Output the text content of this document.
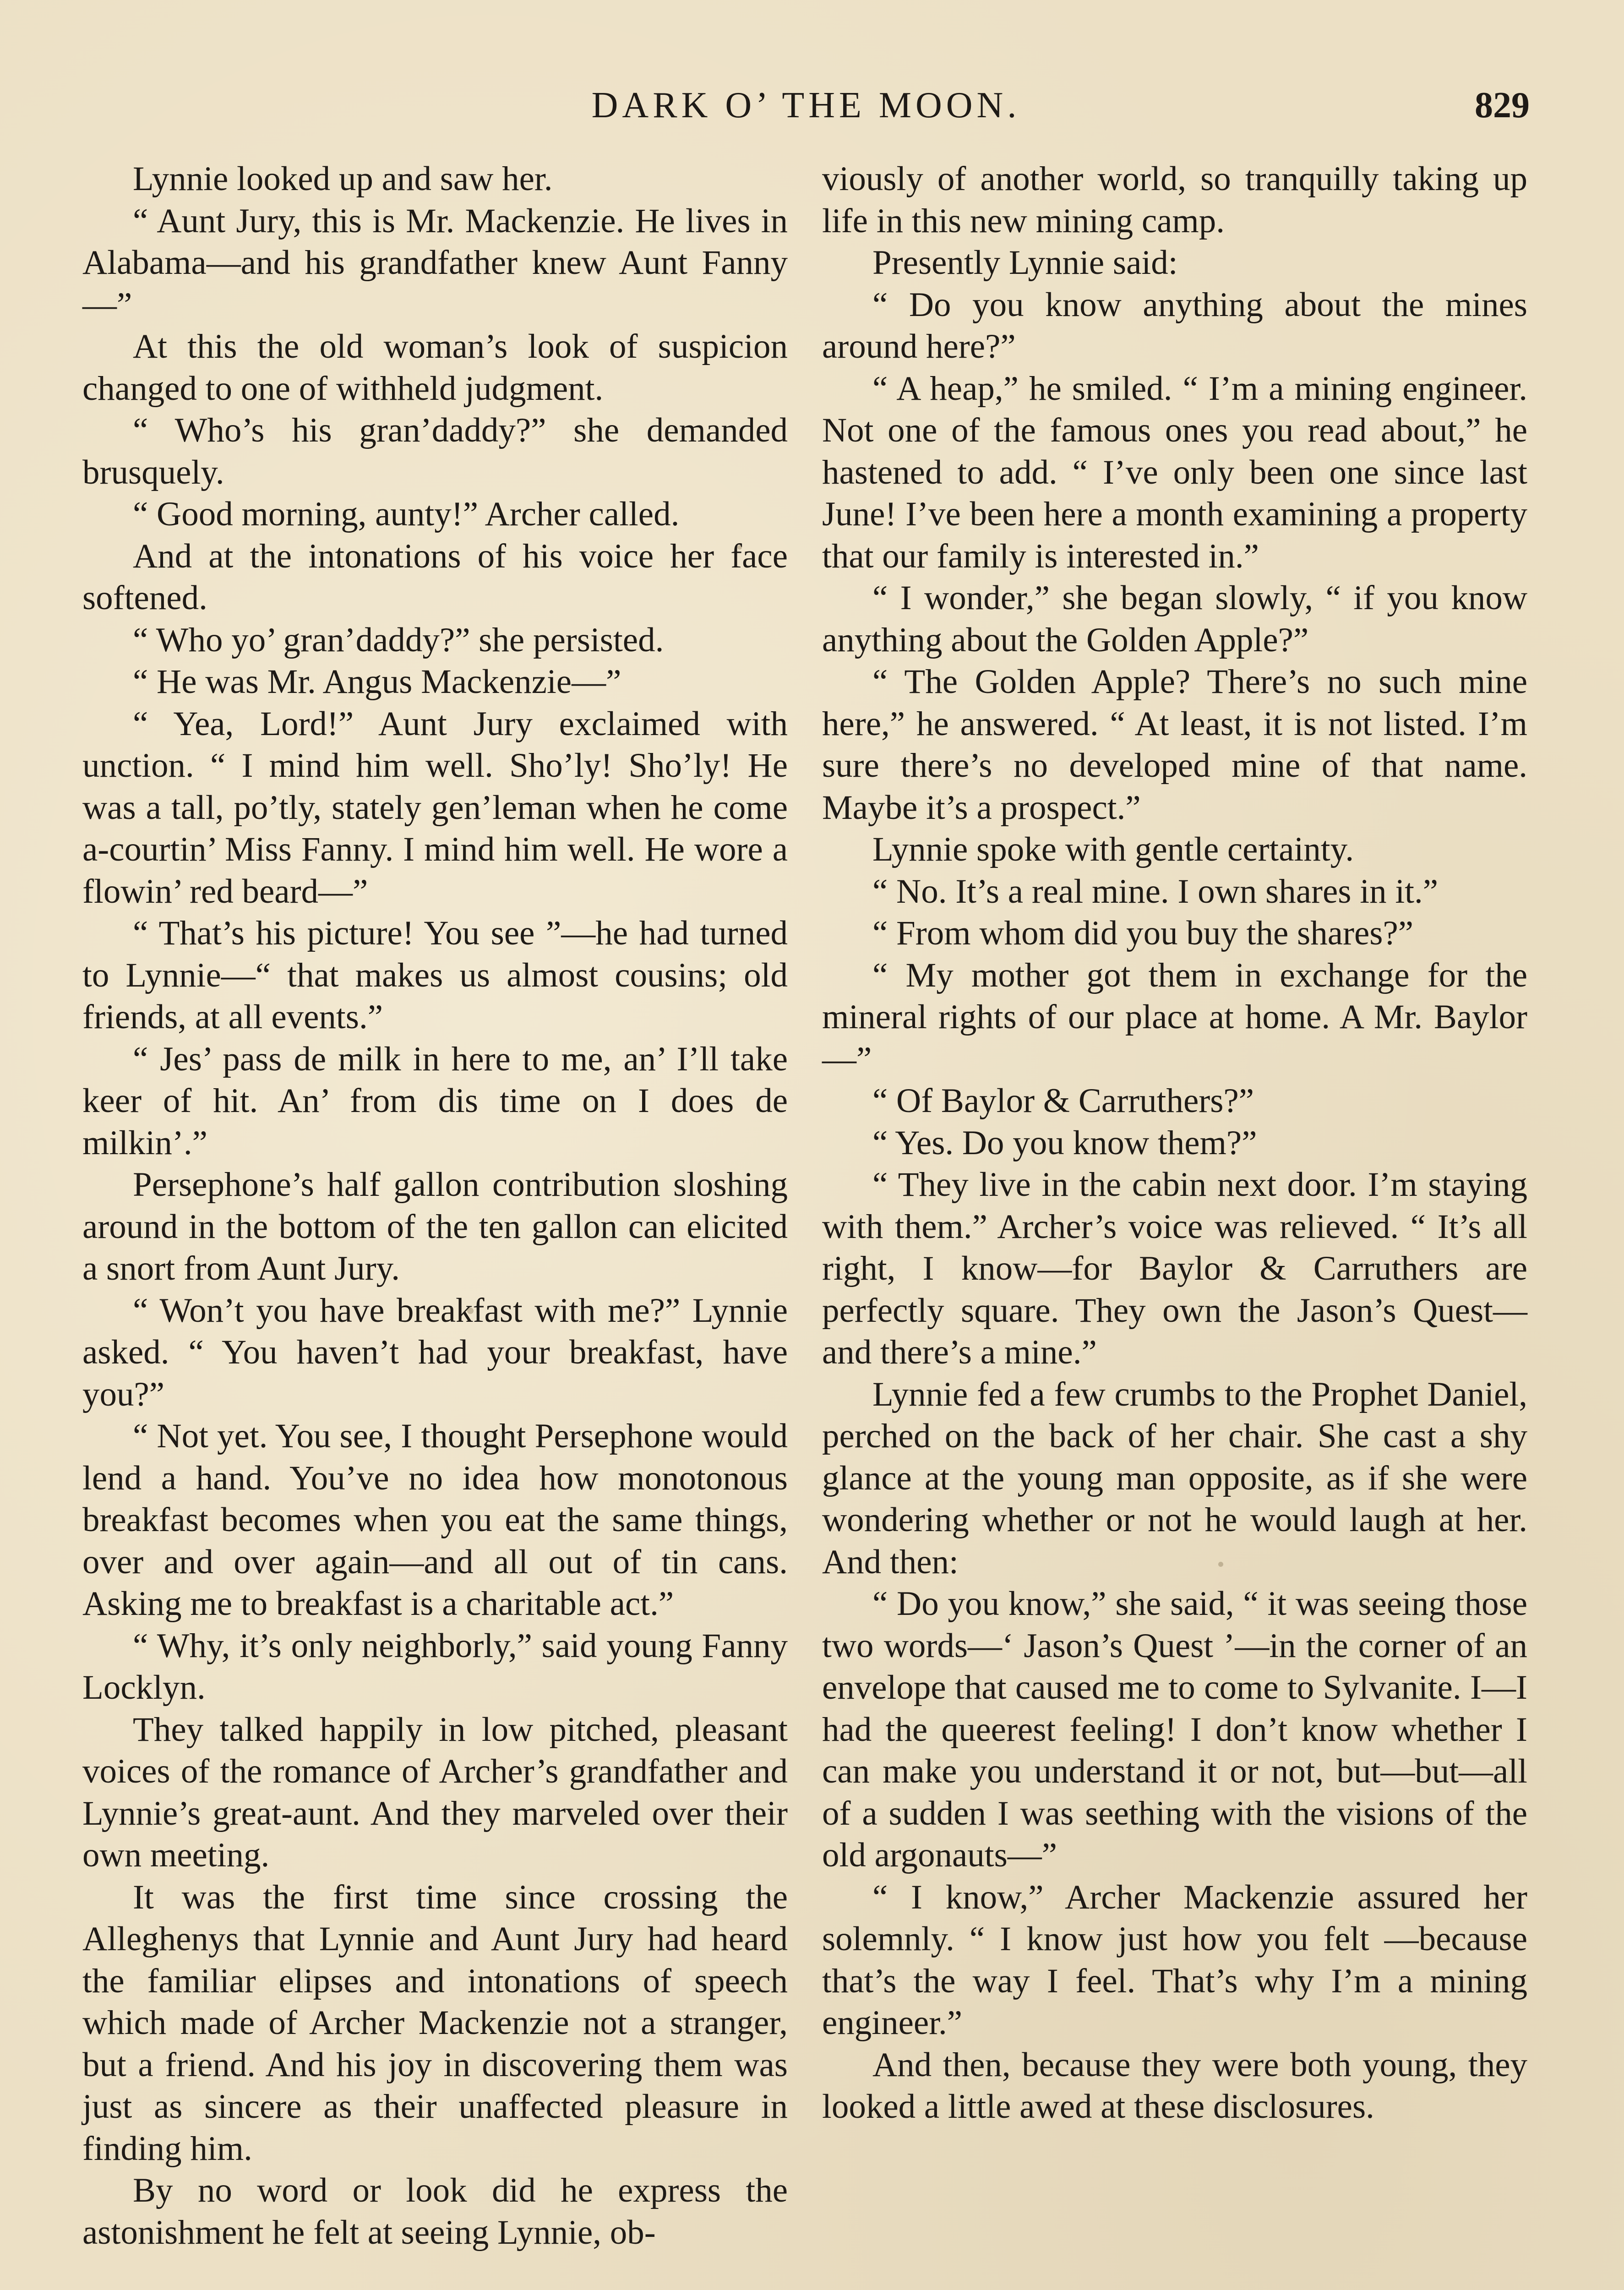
DARK O’ THE MOON.	829

Lynnie looked up and saw her.

“ Aunt Jury, this is Mr. Mackenzie. He lives in Alabama—and his grandfather knew Aunt Fanny—”

At this the old woman’s look of suspicion changed to one of withheld judgment.

“ Who’s his gran’daddy?” she demanded brusquely.

“ Good morning, aunty!” Archer called.

And at the intonations of his voice her face softened.

“ Who yo’ gran’daddy?” she persisted.

“ He was Mr. Angus Mackenzie—”

“ Yea, Lord!” Aunt Jury exclaimed with unction. “ I mind him well. Sho’ly! Sho’ly! He was a tall, po’tly, stately gen’leman when he come a-courtin’ Miss Fanny. I mind him well. He wore a flowin’ red beard—”

“ That’s his picture! You see ”—he had turned to Lynnie—“ that makes us almost cousins; old friends, at all events.”

“ Jes’ pass de milk in here to me, an’ I’ll take keer of hit. An’ from dis time on I does de milkin’.”

Persephone’s half gallon contribution sloshing around in the bottom of the ten gallon can elicited a snort from Aunt Jury.

“ Won’t you have breakfast with me?” Lynnie asked. “ You haven’t had your breakfast, have you?”

“ Not yet. You see, I thought Persephone would lend a hand. You’ve no idea how monotonous breakfast becomes when you eat the same things, over and over again—and all out of tin cans. Asking me to breakfast is a charitable act.”

“ Why, it’s only neighborly,” said young Fanny Locklyn.

They talked happily in low pitched, pleasant voices of the romance of Archer’s grandfather and Lynnie’s great-aunt. And they marveled over their own meeting.

It was the first time since crossing the Alleghenys that Lynnie and Aunt Jury had heard the familiar elipses and intonations of speech which made of Archer Mackenzie not a stranger, but a friend. And his joy in discovering them was just as sincere as their unaffected pleasure in finding him.

By no word or look did he express the astonishment he felt at seeing Lynnie, ob-

viously of another world, so tranquilly taking up life in this new mining camp.

Presently Lynnie said:

“ Do you know anything about the mines around here?”

“ A heap,” he smiled. “ I’m a mining engineer. Not one of the famous ones you read about,” he hastened to add. “ I’ve only been one since last June! I’ve been here a month examining a property that our family is interested in.”

“ I wonder,” she began slowly, “ if you know anything about the Golden Apple?”

“ The Golden Apple? There’s no such mine here,” he answered. “ At least, it is not listed. I’m sure there’s no developed mine of that name. Maybe it’s a prospect.”

Lynnie spoke with gentle certainty.

“ No. It’s a real mine. I own shares in it.”

“ From whom did you buy the shares?”

“ My mother got them in exchange for the mineral rights of our place at home. A Mr. Baylor—”

“ Of Baylor & Carruthers?”

“ Yes. Do you know them?”

“ They live in the cabin next door. I’m staying with them.” Archer’s voice was relieved. “ It’s all right, I know—for Baylor & Carruthers are perfectly square. They own the Jason’s Quest—and there’s a mine.”

Lynnie fed a few crumbs to the Prophet Daniel, perched on the back of her chair. She cast a shy glance at the young man opposite, as if she were wondering whether or not he would laugh at her. And then:

“ Do you know,” she said, “ it was seeing those two words—‘ Jason’s Quest ’—in the corner of an envelope that caused me to come to Sylvanite. I—I had the queerest feeling! I don’t know whether I can make you understand it or not, but—but—all of a sudden I was seething with the visions of the old argonauts—”

“ I know,” Archer Mackenzie assured her solemnly. “ I know just how you felt —because that’s the way I feel. That’s why I’m a mining engineer.”

And then, because they were both young, they looked a little awed at these disclosures.
